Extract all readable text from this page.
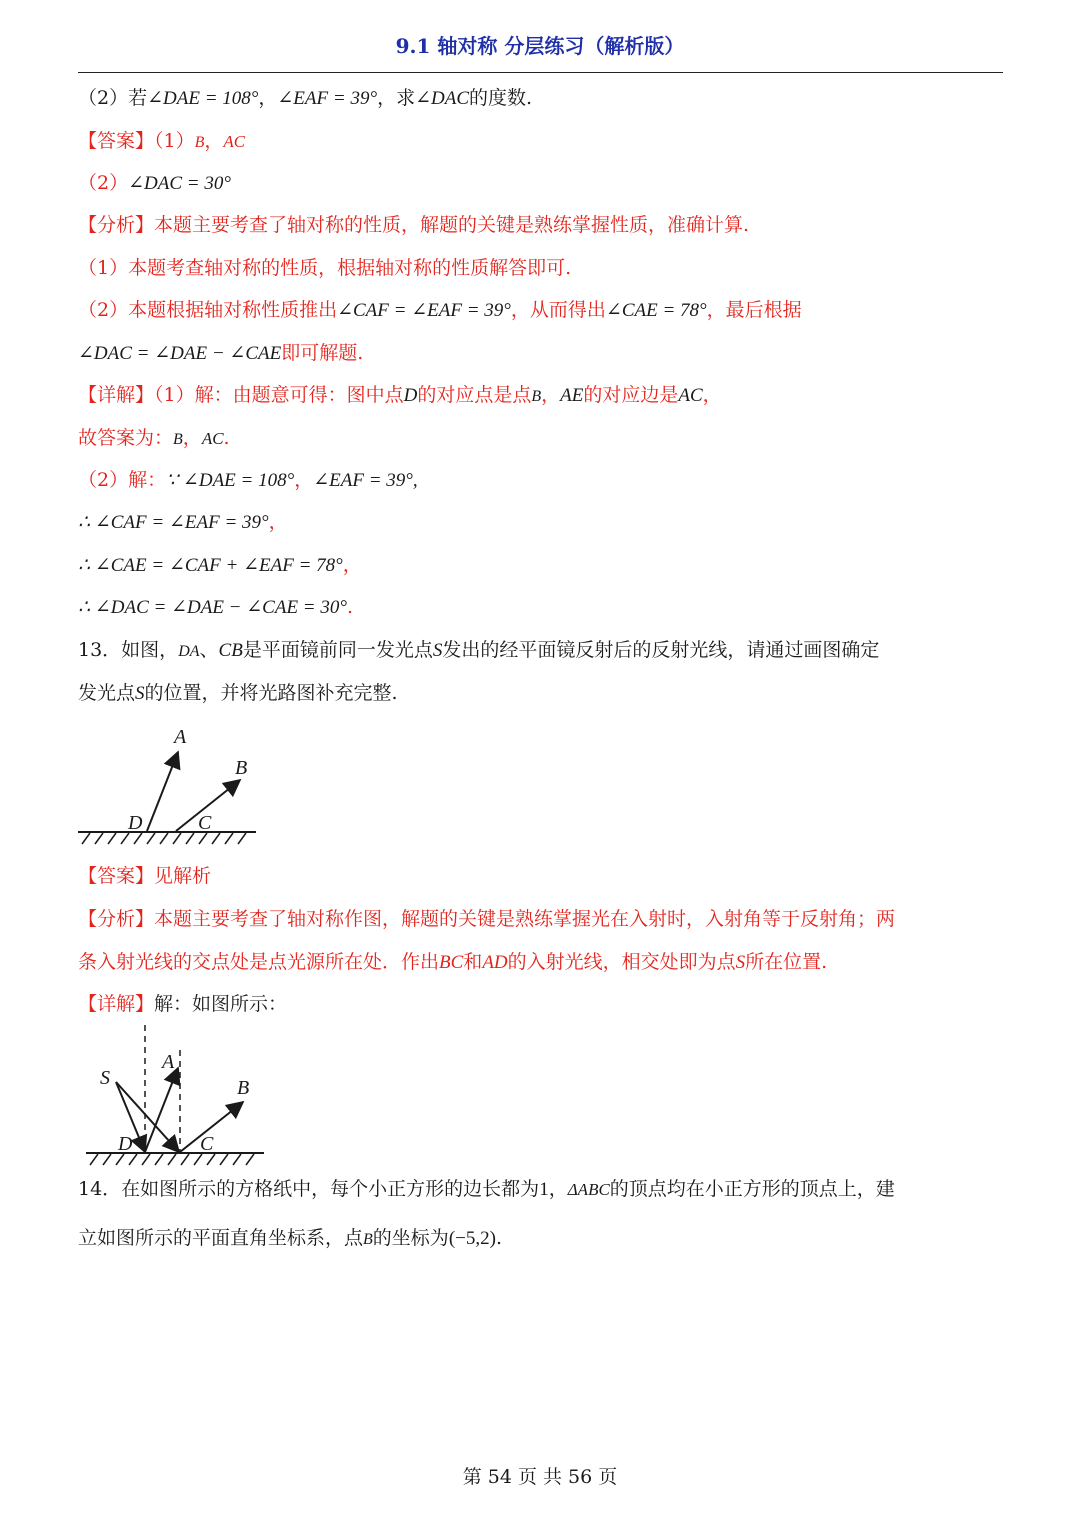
9.1 轴对称 分层练习（解析版）
（2）若∠DAE = 108°，∠EAF = 39°，求∠DAC的度数.
【答案】（1）B，AC
（2）∠DAC = 30°
【分析】本题主要考查了轴对称的性质，解题的关键是熟练掌握性质，准确计算.
（1）本题考查轴对称的性质，根据轴对称的性质解答即可.
（2）本题根据轴对称性质推出∠CAF = ∠EAF = 39°，从而得出∠CAE = 78°，最后根据
∠DAC = ∠DAE − ∠CAE即可解题.
【详解】（1）解：由题意可得：图中点D的对应点是点B，AE的对应边是AC，
故答案为：B，AC.
（2）解：∵ ∠DAE = 108°，∠EAF = 39°,
∴ ∠CAF = ∠EAF = 39°，
∴ ∠CAE = ∠CAF + ∠EAF = 78°，
∴ ∠DAC = ∠DAE − ∠CAE = 30°.
13．如图，DA、CB是平面镜前同一发光点S发出的经平面镜反射后的反射光线，请通过画图确定
发光点S的位置，并将光路图补充完整.
A
B
D	C
【答案】见解析
【分析】本题主要考查了轴对称作图，解题的关键是熟练掌握光在入射时，入射角等于反射角；两
条入射光线的交点处是点光源所在处．作出BC和AD的入射光线，相交处即为点S所在位置.
【详解】解：如图所示：
S
A
B
D	C
14．在如图所示的方格纸中，每个小正方形的边长都为1，ΔABC的顶点均在小正方形的顶点上，建
立如图所示的平面直角坐标系，点B的坐标为(−5,2).
第 54 页 共 56 页
